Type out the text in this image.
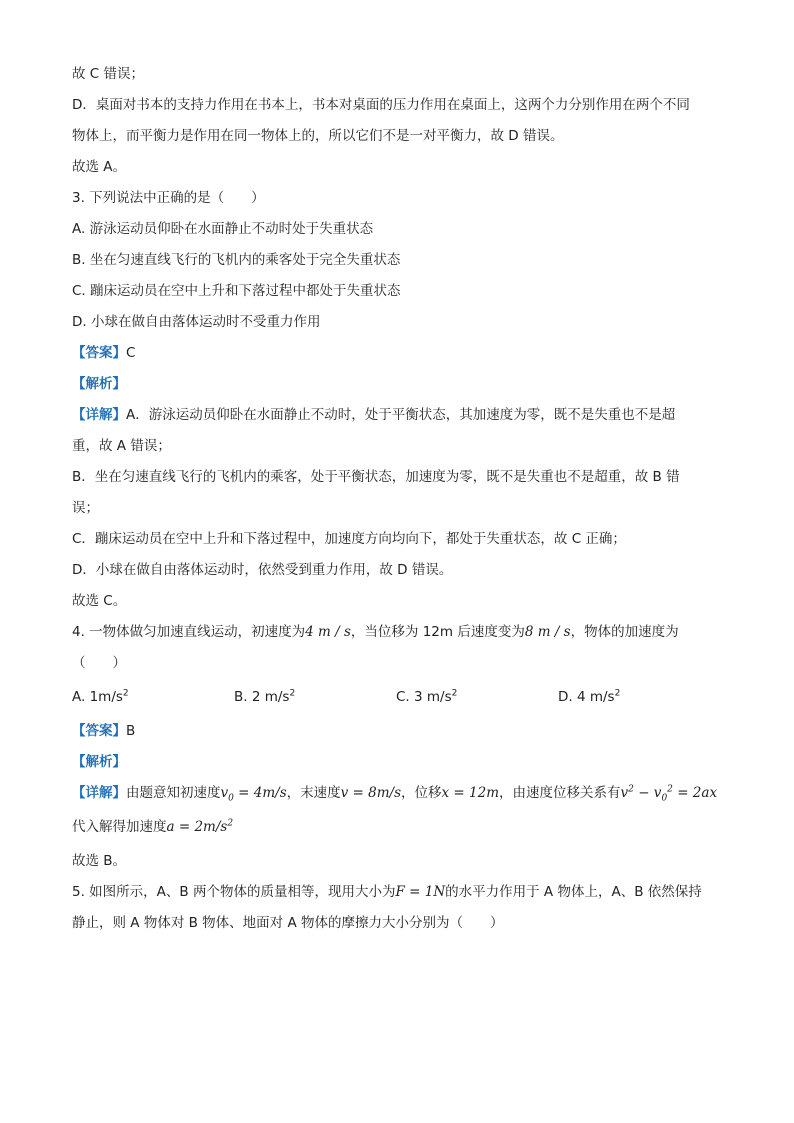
故 C 错误；
D．桌面对书本的支持力作用在书本上，书本对桌面的压力作用在桌面上，这两个力分别作用在两个不同
物体上，而平衡力是作用在同一物体上的，所以它们不是一对平衡力，故 D 错误。
故选 A。
3. 下列说法中正确的是（　　）
A. 游泳运动员仰卧在水面静止不动时处于失重状态
B. 坐在匀速直线飞行的飞机内的乘客处于完全失重状态
C. 蹦床运动员在空中上升和下落过程中都处于失重状态
D. 小球在做自由落体运动时不受重力作用
【答案】C
【解析】
【详解】A．游泳运动员仰卧在水面静止不动时，处于平衡状态，其加速度为零，既不是失重也不是超
重，故 A 错误；
B．坐在匀速直线飞行的飞机内的乘客，处于平衡状态，加速度为零，既不是失重也不是超重，故 B 错
误；
C．蹦床运动员在空中上升和下落过程中，加速度方向均向下，都处于失重状态，故 C 正确；
D．小球在做自由落体运动时，依然受到重力作用，故 D 错误。
故选 C。
4. 一物体做匀加速直线运动，初速度为4 m / s，当位移为 12m 后速度变为8 m / s，物体的加速度为
（　　）
A. $1m/s^2$	B. 2 $m/s^2$	C. 3 $m/s^2$	D. 4 $m/s^2$
【答案】B
【解析】
【详解】由题意知初速度$v_0 = 4m/s$，末速度v = 8m/s，位移x = 12m，由速度位移关系有$v^2 - v_0^2 = 2ax$
代入解得加速度$a = 2m/s^2$
故选 B。
5. 如图所示，A、B 两个物体的质量相等，现用大小为F = 1N的水平力作用于 A 物体上，A、B 依然保持
静止，则 A 物体对 B 物体、地面对 A 物体的摩擦力大小分别为（　　）
